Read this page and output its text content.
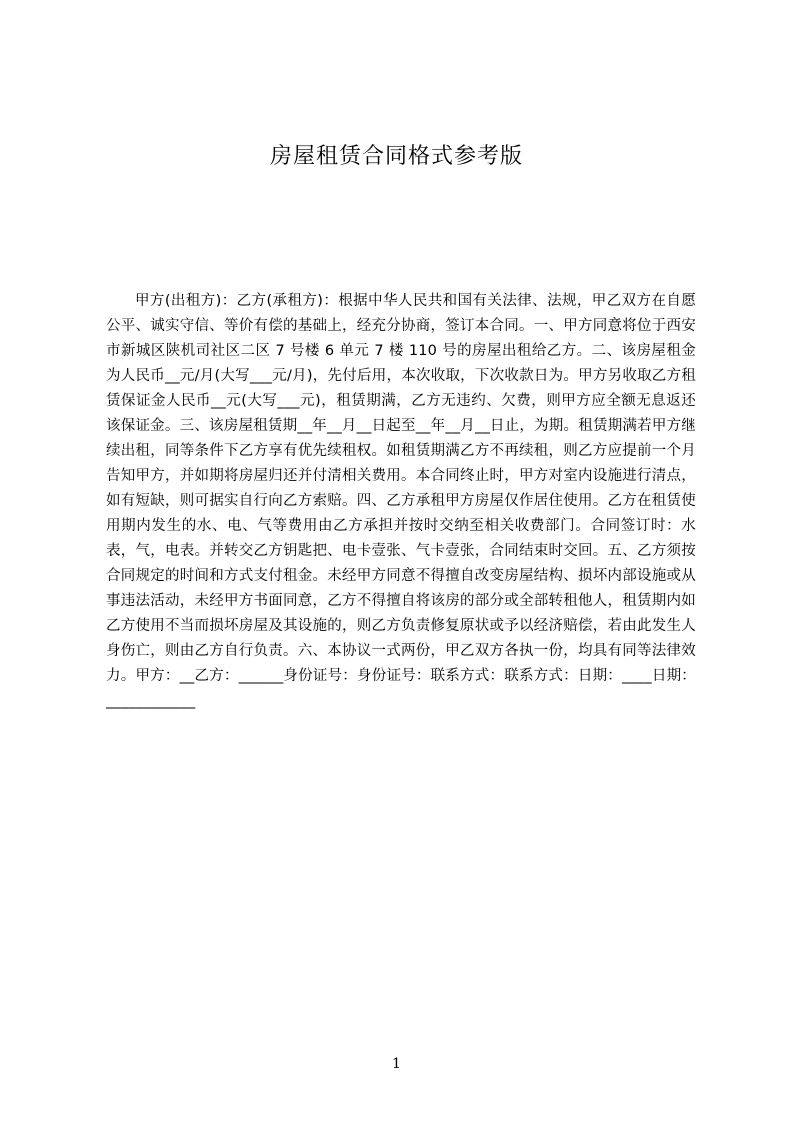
房屋租赁合同格式参考版

甲方(出租方)：乙方(承租方)：根据中华人民共和国有关法律、法规，甲乙双方在自愿公平、诚实守信、等价有偿的基础上，经充分协商，签订本合同。一、甲方同意将位于西安市新城区陕机司社区二区 7 号楼 6 单元 7 楼 110 号的房屋出租给乙方。二、该房屋租金为人民币__元/月(大写___元/月)，先付后用，本次收取，下次收款日为。甲方另收取乙方租赁保证金人民币__元(大写___元)，租赁期满，乙方无违约、欠费，则甲方应全额无息返还该保证金。三、该房屋租赁期__年__月__日起至__年__月__日止，为期。租赁期满若甲方继续出租，同等条件下乙方享有优先续租权。如租赁期满乙方不再续租，则乙方应提前一个月告知甲方，并如期将房屋归还并付清相关费用。本合同终止时，甲方对室内设施进行清点，如有短缺，则可据实自行向乙方索赔。四、乙方承租甲方房屋仅作居住使用。乙方在租赁使用期内发生的水、电、气等费用由乙方承担并按时交纳至相关收费部门。合同签订时：水表，气，电表。并转交乙方钥匙把、电卡壹张、气卡壹张，合同结束时交回。五、乙方须按合同规定的时间和方式支付租金。未经甲方同意不得擅自改变房屋结构、损坏内部设施或从事违法活动，未经甲方书面同意，乙方不得擅自将该房的部分或全部转租他人，租赁期内如乙方使用不当而损坏房屋及其设施的，则乙方负责修复原状或予以经济赔偿，若由此发生人身伤亡，则由乙方自行负责。六、本协议一式两份，甲乙双方各执一份，均具有同等法律效力。甲方：__乙方：______身份证号：身份证号：联系方式：联系方式：日期：____日期：____________

1
